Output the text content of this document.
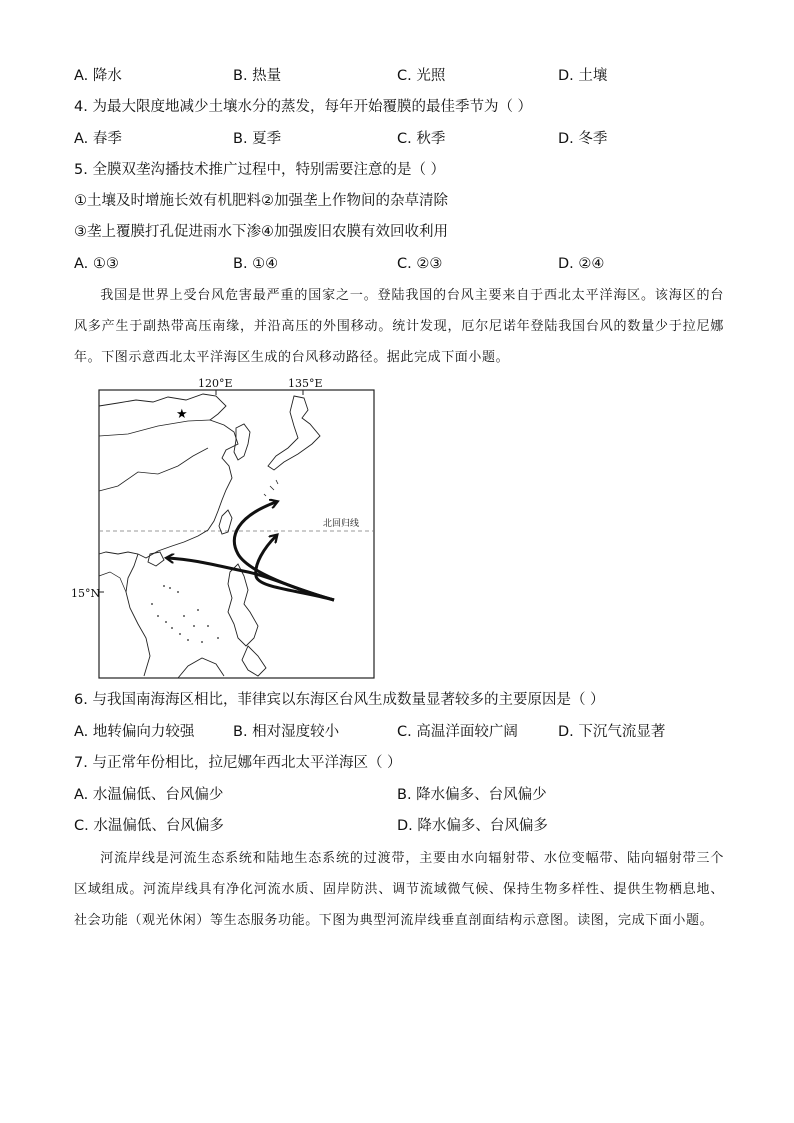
A. 降水	B. 热量	C. 光照	D. 土壤
4. 为最大限度地减少土壤水分的蒸发，每年开始覆膜的最佳季节为（ ）
A. 春季	B. 夏季	C. 秋季	D. 冬季
5. 全膜双垄沟播技术推广过程中，特别需要注意的是（ ）
①土壤及时增施长效有机肥料②加强垄上作物间的杂草清除
③垄上覆膜打孔促进雨水下渗④加强废旧农膜有效回收利用
A. ①③	B. ①④	C. ②③	D. ②④
我国是世界上受台风危害最严重的国家之一。登陆我国的台风主要来自于西北太平洋海区。该海区的台风多产生于副热带高压南缘，并沿高压的外围移动。统计发现，厄尔尼诺年登陆我国台风的数量少于拉尼娜年。下图示意西北太平洋海区生成的台风移动路径。据此完成下面小题。
120°E	135°E
北回归线
★
15°N
6. 与我国南海海区相比，菲律宾以东海区台风生成数量显著较多的主要原因是（ ）
A. 地转偏向力较强	B. 相对湿度较小	C. 高温洋面较广阔	D. 下沉气流显著
7. 与正常年份相比，拉尼娜年西北太平洋海区（ ）
A. 水温偏低、台风偏少	B. 降水偏多、台风偏少
C. 水温偏低、台风偏多	D. 降水偏多、台风偏多
河流岸线是河流生态系统和陆地生态系统的过渡带，主要由水向辐射带、水位变幅带、陆向辐射带三个区域组成。河流岸线具有净化河流水质、固岸防洪、调节流域微气候、保持生物多样性、提供生物栖息地、社会功能（观光休闲）等生态服务功能。下图为典型河流岸线垂直剖面结构示意图。读图，完成下面小题。
